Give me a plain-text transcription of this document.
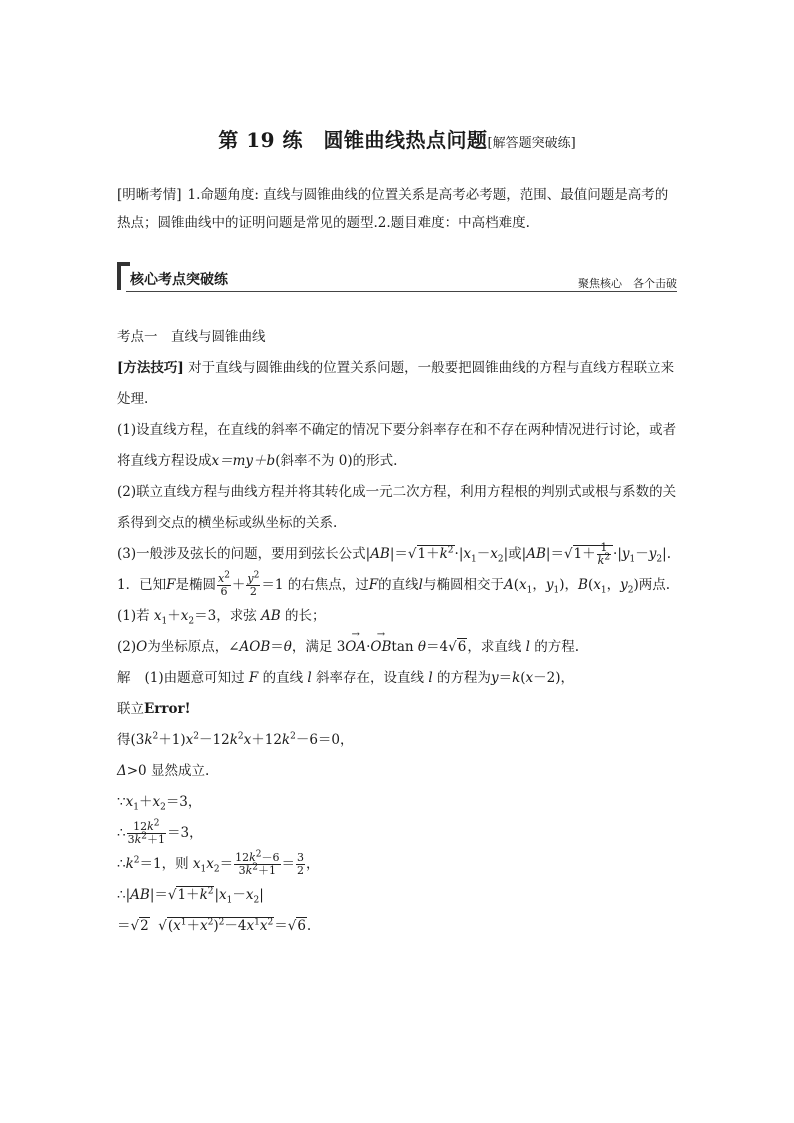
第 19 练　圆锥曲线热点问题[解答题突破练]
[明晰考情] 1.命题角度: 直线与圆锥曲线的位置关系是高考必考题，范围、最值问题是高考的热点；圆锥曲线中的证明问题是常见的题型.2.题目难度：中高档难度.
核心考点突破练	聚焦核心　各个击破

考点一　直线与圆锥曲线

[方法技巧] 对于直线与圆锥曲线的位置关系问题，一般要把圆锥曲线的方程与直线方程联立来处理.

(1)设直线方程，在直线的斜率不确定的情况下要分斜率存在和不存在两种情况进行讨论，或者将直线方程设成x＝my＋b(斜率不为 0)的形式.

(2)联立直线方程与曲线方程并将其转化成一元二次方程，利用方程根的判别式或根与系数的关系得到交点的横坐标或纵坐标的关系.

(3)一般涉及弦长的问题，要用到弦长公式$|AB|=√1+k^2\cdot|x_1-x_2|$或$|AB|=√1+ \frac{1}{k^2} \cdot|y_1-y_2|$.

1．已知F是椭圆 $\frac{x^2}{6} + \frac{y^2}{2} =1$ 的右焦点，过F的直线l与椭圆相交于$A(x_1$，$y_1$)，$B(x_1$，$y_2$)两点.

(1)若 $x_1+x_2=3$，求弦 AB 的长；

(2)O为坐标原点，∠AOB＝θ，满足 3→ OA·→ OBtan θ＝4√6，求直线 l 的方程.

解 (1)由题意可知过 F 的直线 l 斜率存在，设直线 l 的方程为y＝k(x－2)，

联立Error!

得$(3k^2+1)x^2-12k^2x+12k^2-6=0$，

Δ>0 显然成立.

$\because x_1+x_2=3$，

∴ $\frac{12k^2}{3k^2+1} =3$，

$\therefore k^2=1$，则 $x_1x_2= \frac{12k^2-6}{3k^2+1} = \frac{3}{2}$ ，

$\therefore|AB|=√1+k^2|x_1-x_2|$

＝√2  $√(x^1+x^2)^2-4x^1x^2=√6$.
